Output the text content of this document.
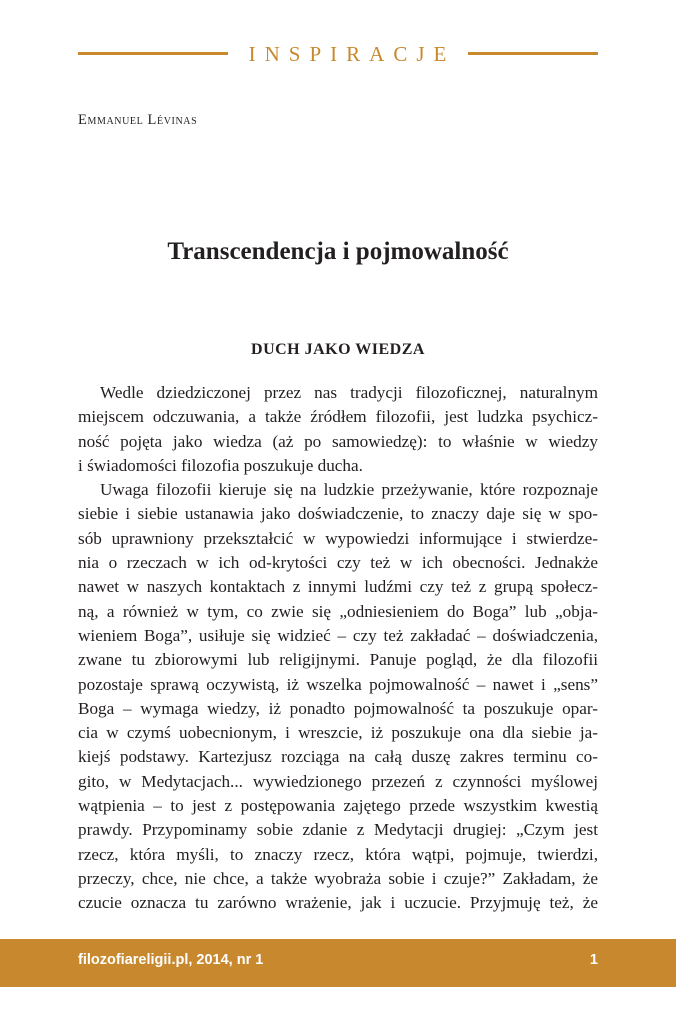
INSPIRACJE
Emmanuel Lévinas
Transcendencja i pojmowalność
DUCH JAKO WIEDZA
Wedle dziedziczonej przez nas tradycji filozoficznej, naturalnym
miejscem odczuwania, a także źródłem filozofii, jest ludzka psychicz-
ność pojęta jako wiedza (aż po samowiedzę): to właśnie w wiedzy
i świadomości filozofia poszukuje ducha.
Uwaga filozofii kieruje się na ludzkie przeżywanie, które rozpoznaje
siebie i siebie ustanawia jako doświadczenie, to znaczy daje się w spo-
sób uprawniony przekształcić w wypowiedzi informujące i stwierdze-
nia o rzeczach w ich od-krytości czy też w ich obecności. Jednakże
nawet w naszych kontaktach z innymi ludźmi czy też z grupą społecz-
ną, a również w tym, co zwie się „odniesieniem do Boga” lub „obja-
wieniem Boga”, usiłuje się widzieć – czy też zakładać – doświadczenia,
zwane tu zbiorowymi lub religijnymi. Panuje pogląd, że dla filozofii
pozostaje sprawą oczywistą, iż wszelka pojmowalność – nawet i „sens”
Boga – wymaga wiedzy, iż ponadto pojmowalność ta poszukuje opar-
cia w czymś uobecnionym, i wreszcie, iż poszukuje ona dla siebie ja-
kiejś podstawy. Kartezjusz rozciąga na całą duszę zakres terminu co-
gito, w Medytacjach... wywiedzionego przezeń z czynności myślowej
wątpienia – to jest z postępowania zajętego przede wszystkim kwestią
prawdy. Przypominamy sobie zdanie z Medytacji drugiej: „Czym jest
rzecz, która myśli, to znaczy rzecz, która wątpi, pojmuje, twierdzi,
przeczy, chce, nie chce, a także wyobraża sobie i czuje?” Zakładam, że
czucie oznacza tu zarówno wrażenie, jak i uczucie. Przyjmuję też, że
filozofiareligii.pl, 2014, nr 1	1
